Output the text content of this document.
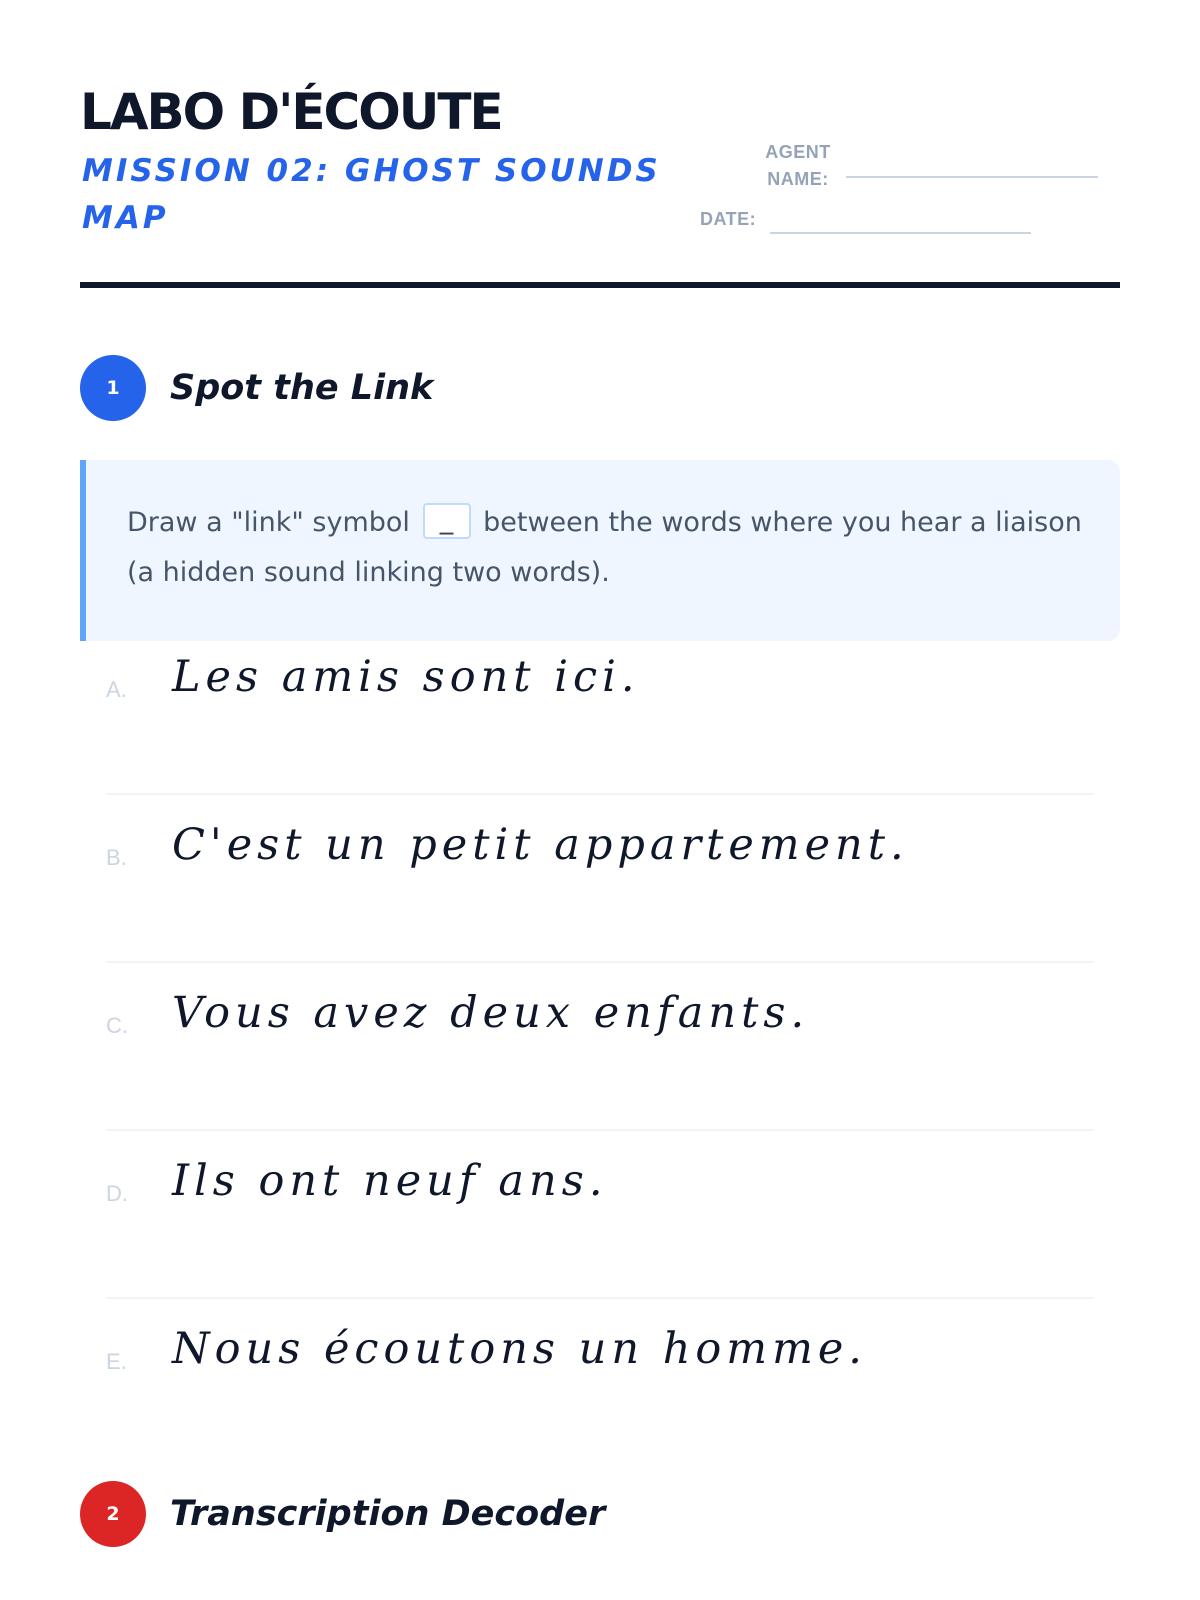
LABO D'ÉCOUTE
MISSION 02: GHOST SOUNDS MAP
AGENT
NAME:
DATE:
1	Spot the Link
Draw a "link" symbol _ between the words where you hear a liaison (a hidden sound linking two words).
A. Les amis sont ici.
B. C'est un petit appartement.
C. Vous avez deux enfants.
D. Ils ont neuf ans.
E. Nous écoutons un homme.
2	Transcription Decoder
